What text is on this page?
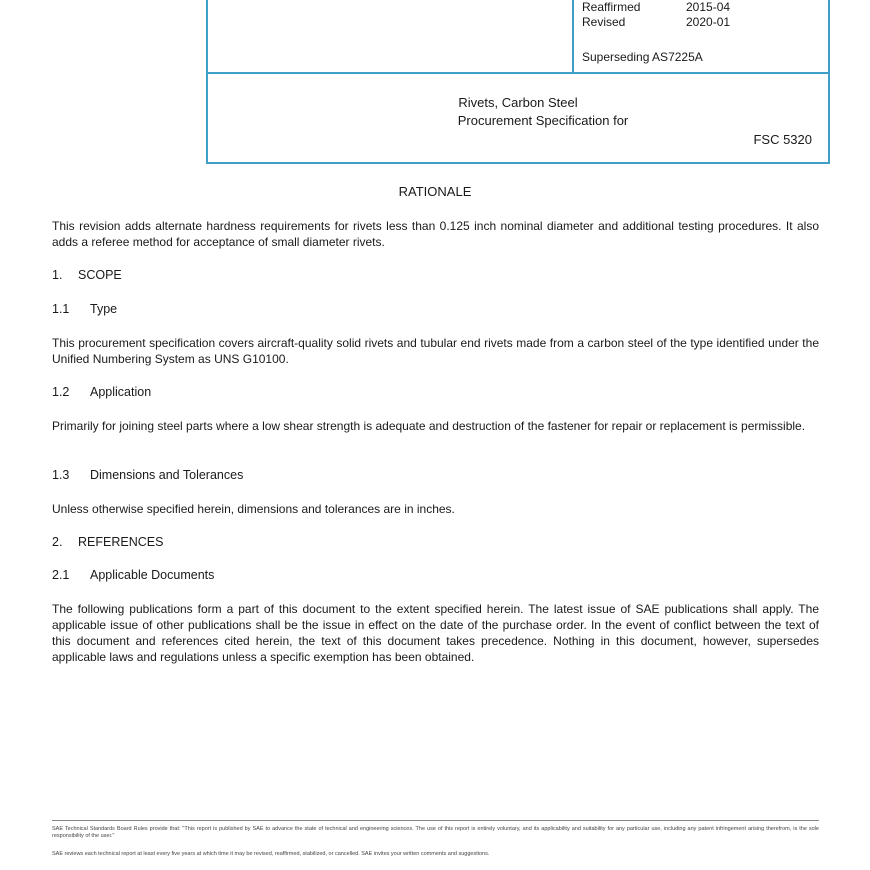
Reaffirmed	2015-04
Revised	2020-01
Superseding AS7225A
Rivets, Carbon Steel
Procurement Specification for
FSC 5320
RATIONALE
This revision adds alternate hardness requirements for rivets less than 0.125 inch nominal diameter and additional testing procedures. It also adds a referee method for acceptance of small diameter rivets.
1. SCOPE
1.1 Type
This procurement specification covers aircraft-quality solid rivets and tubular end rivets made from a carbon steel of the type identified under the Unified Numbering System as UNS G10100.
1.2 Application
Primarily for joining steel parts where a low shear strength is adequate and destruction of the fastener for repair or replacement is permissible.
1.3 Dimensions and Tolerances
Unless otherwise specified herein, dimensions and tolerances are in inches.
2. REFERENCES
2.1 Applicable Documents
The following publications form a part of this document to the extent specified herein. The latest issue of SAE publications shall apply. The applicable issue of other publications shall be the issue in effect on the date of the purchase order. In the event of conflict between the text of this document and references cited herein, the text of this document takes precedence. Nothing in this document, however, supersedes applicable laws and regulations unless a specific exemption has been obtained.
SAE Technical Standards Board Rules provide that: "This report is published by SAE to advance the state of technical and engineering sciences. The use of this report is entirely voluntary, and its applicability and suitability for any particular use, including any patent infringement arising therefrom, is the sole responsibility of the user."
SAE reviews each technical report at least every five years at which time it may be revised, reaffirmed, stabilized, or cancelled. SAE invites your written comments and suggestions.
